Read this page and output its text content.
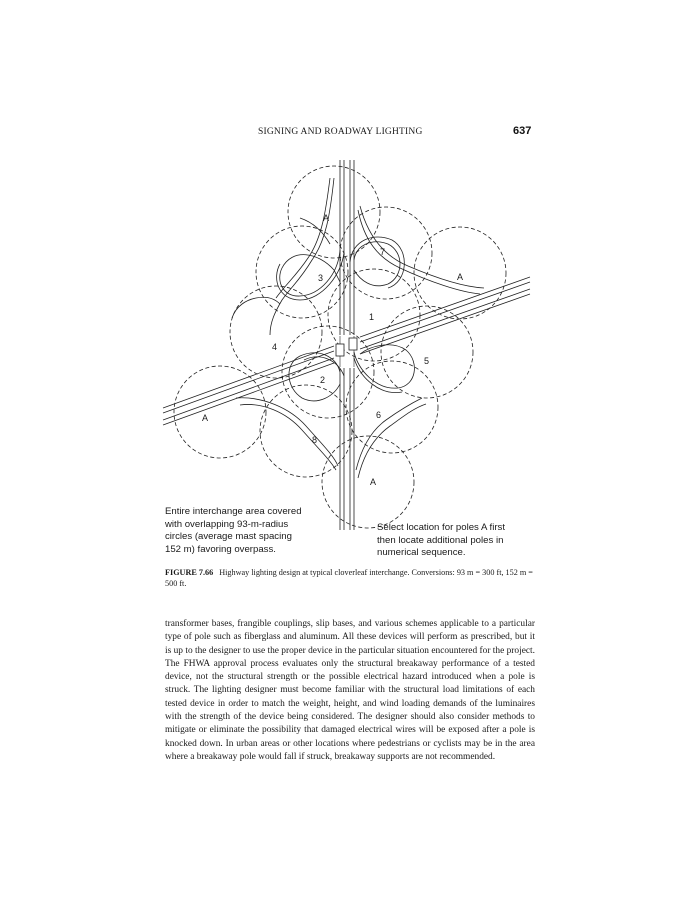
SIGNING AND ROADWAY LIGHTING	637
A
7
A
3
1
4
5
2
A	6
8
A
Entire interchange area covered
with overlapping 93-m-radius
circles (average mast spacing
152 m) favoring overpass.
Select location for poles A first
then locate additional poles in
numerical sequence.
FIGURE 7.66 Highway lighting design at typical cloverleaf interchange. Conversions: 93 m = 300 ft, 152 m = 500 ft.
transformer bases, frangible couplings, slip bases, and various schemes applicable to a particular type of pole such as fiberglass and aluminum. All these devices will perform as prescribed, but it is up to the designer to use the proper device in the particular situation encountered for the project. The FHWA approval process evaluates only the structural breakaway performance of a tested device, not the structural strength or the possible electrical hazard introduced when a pole is struck. The lighting designer must become familiar with the structural load limitations of each tested device in order to match the weight, height, and wind loading demands of the luminaires with the strength of the device being considered. The designer should also consider methods to mitigate or eliminate the possibility that damaged electrical wires will be exposed after a pole is knocked down. In urban areas or other locations where pedestrians or cyclists may be in the area where a breakaway pole would fall if struck, breakaway supports are not recommended.
